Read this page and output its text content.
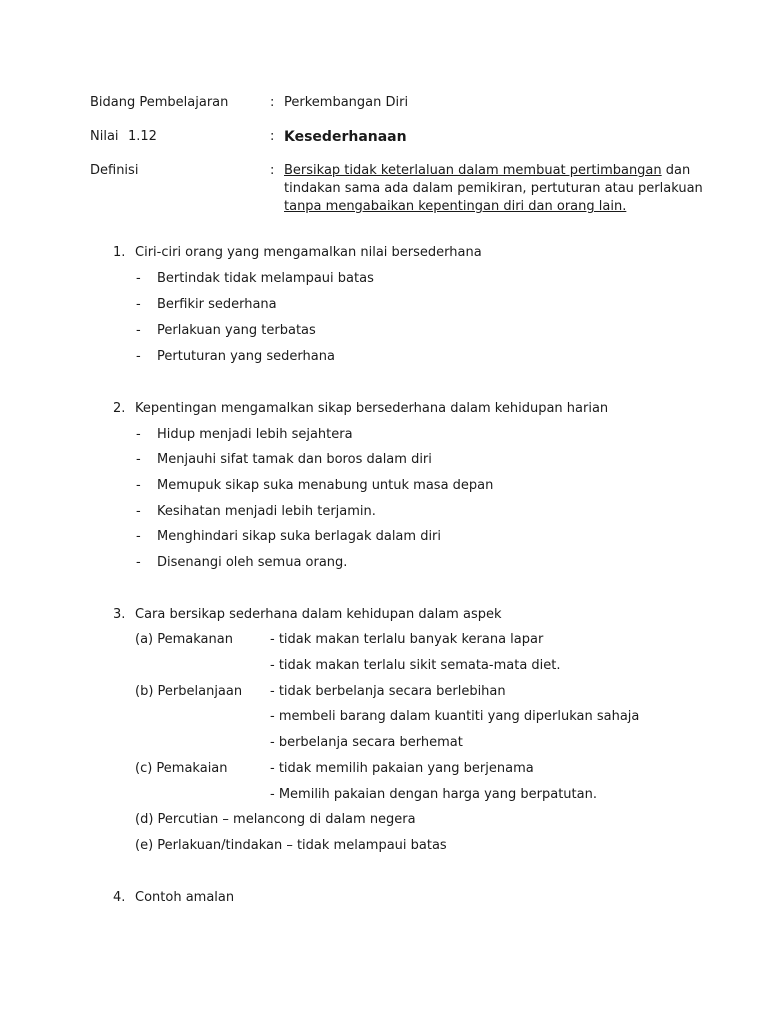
Bidang Pembelajaran	: Perkembangan Diri
Nilai 1.12	: Kesederhanaan
Definisi	: Bersikap tidak keterlaluan dalam membuat pertimbangan dan
tindakan sama ada dalam pemikiran, pertuturan atau perlakuan
tanpa mengabaikan kepentingan diri dan orang lain.
1. Ciri-ciri orang yang mengamalkan nilai bersederhana
- Bertindak tidak melampaui batas
- Berfikir sederhana
- Perlakuan yang terbatas
- Pertuturan yang sederhana
2. Kepentingan mengamalkan sikap bersederhana dalam kehidupan harian
- Hidup menjadi lebih sejahtera
- Menjauhi sifat tamak dan boros dalam diri
- Memupuk sikap suka menabung untuk masa depan
- Kesihatan menjadi lebih terjamin.
- Menghindari sikap suka berlagak dalam diri
- Disenangi oleh semua orang.
3. Cara bersikap sederhana dalam kehidupan dalam aspek
(a) Pemakanan	- tidak makan terlalu banyak kerana lapar
- tidak makan terlalu sikit semata-mata diet.
(b) Perbelanjaan - tidak berbelanja secara berlebihan
- membeli barang dalam kuantiti yang diperlukan sahaja
- berbelanja secara berhemat
(c) Pemakaian	- tidak memilih pakaian yang berjenama
- Memilih pakaian dengan harga yang berpatutan.
(d) Percutian – melancong di dalam negera
(e) Perlakuan/tindakan – tidak melampaui batas
4. Contoh amalan
